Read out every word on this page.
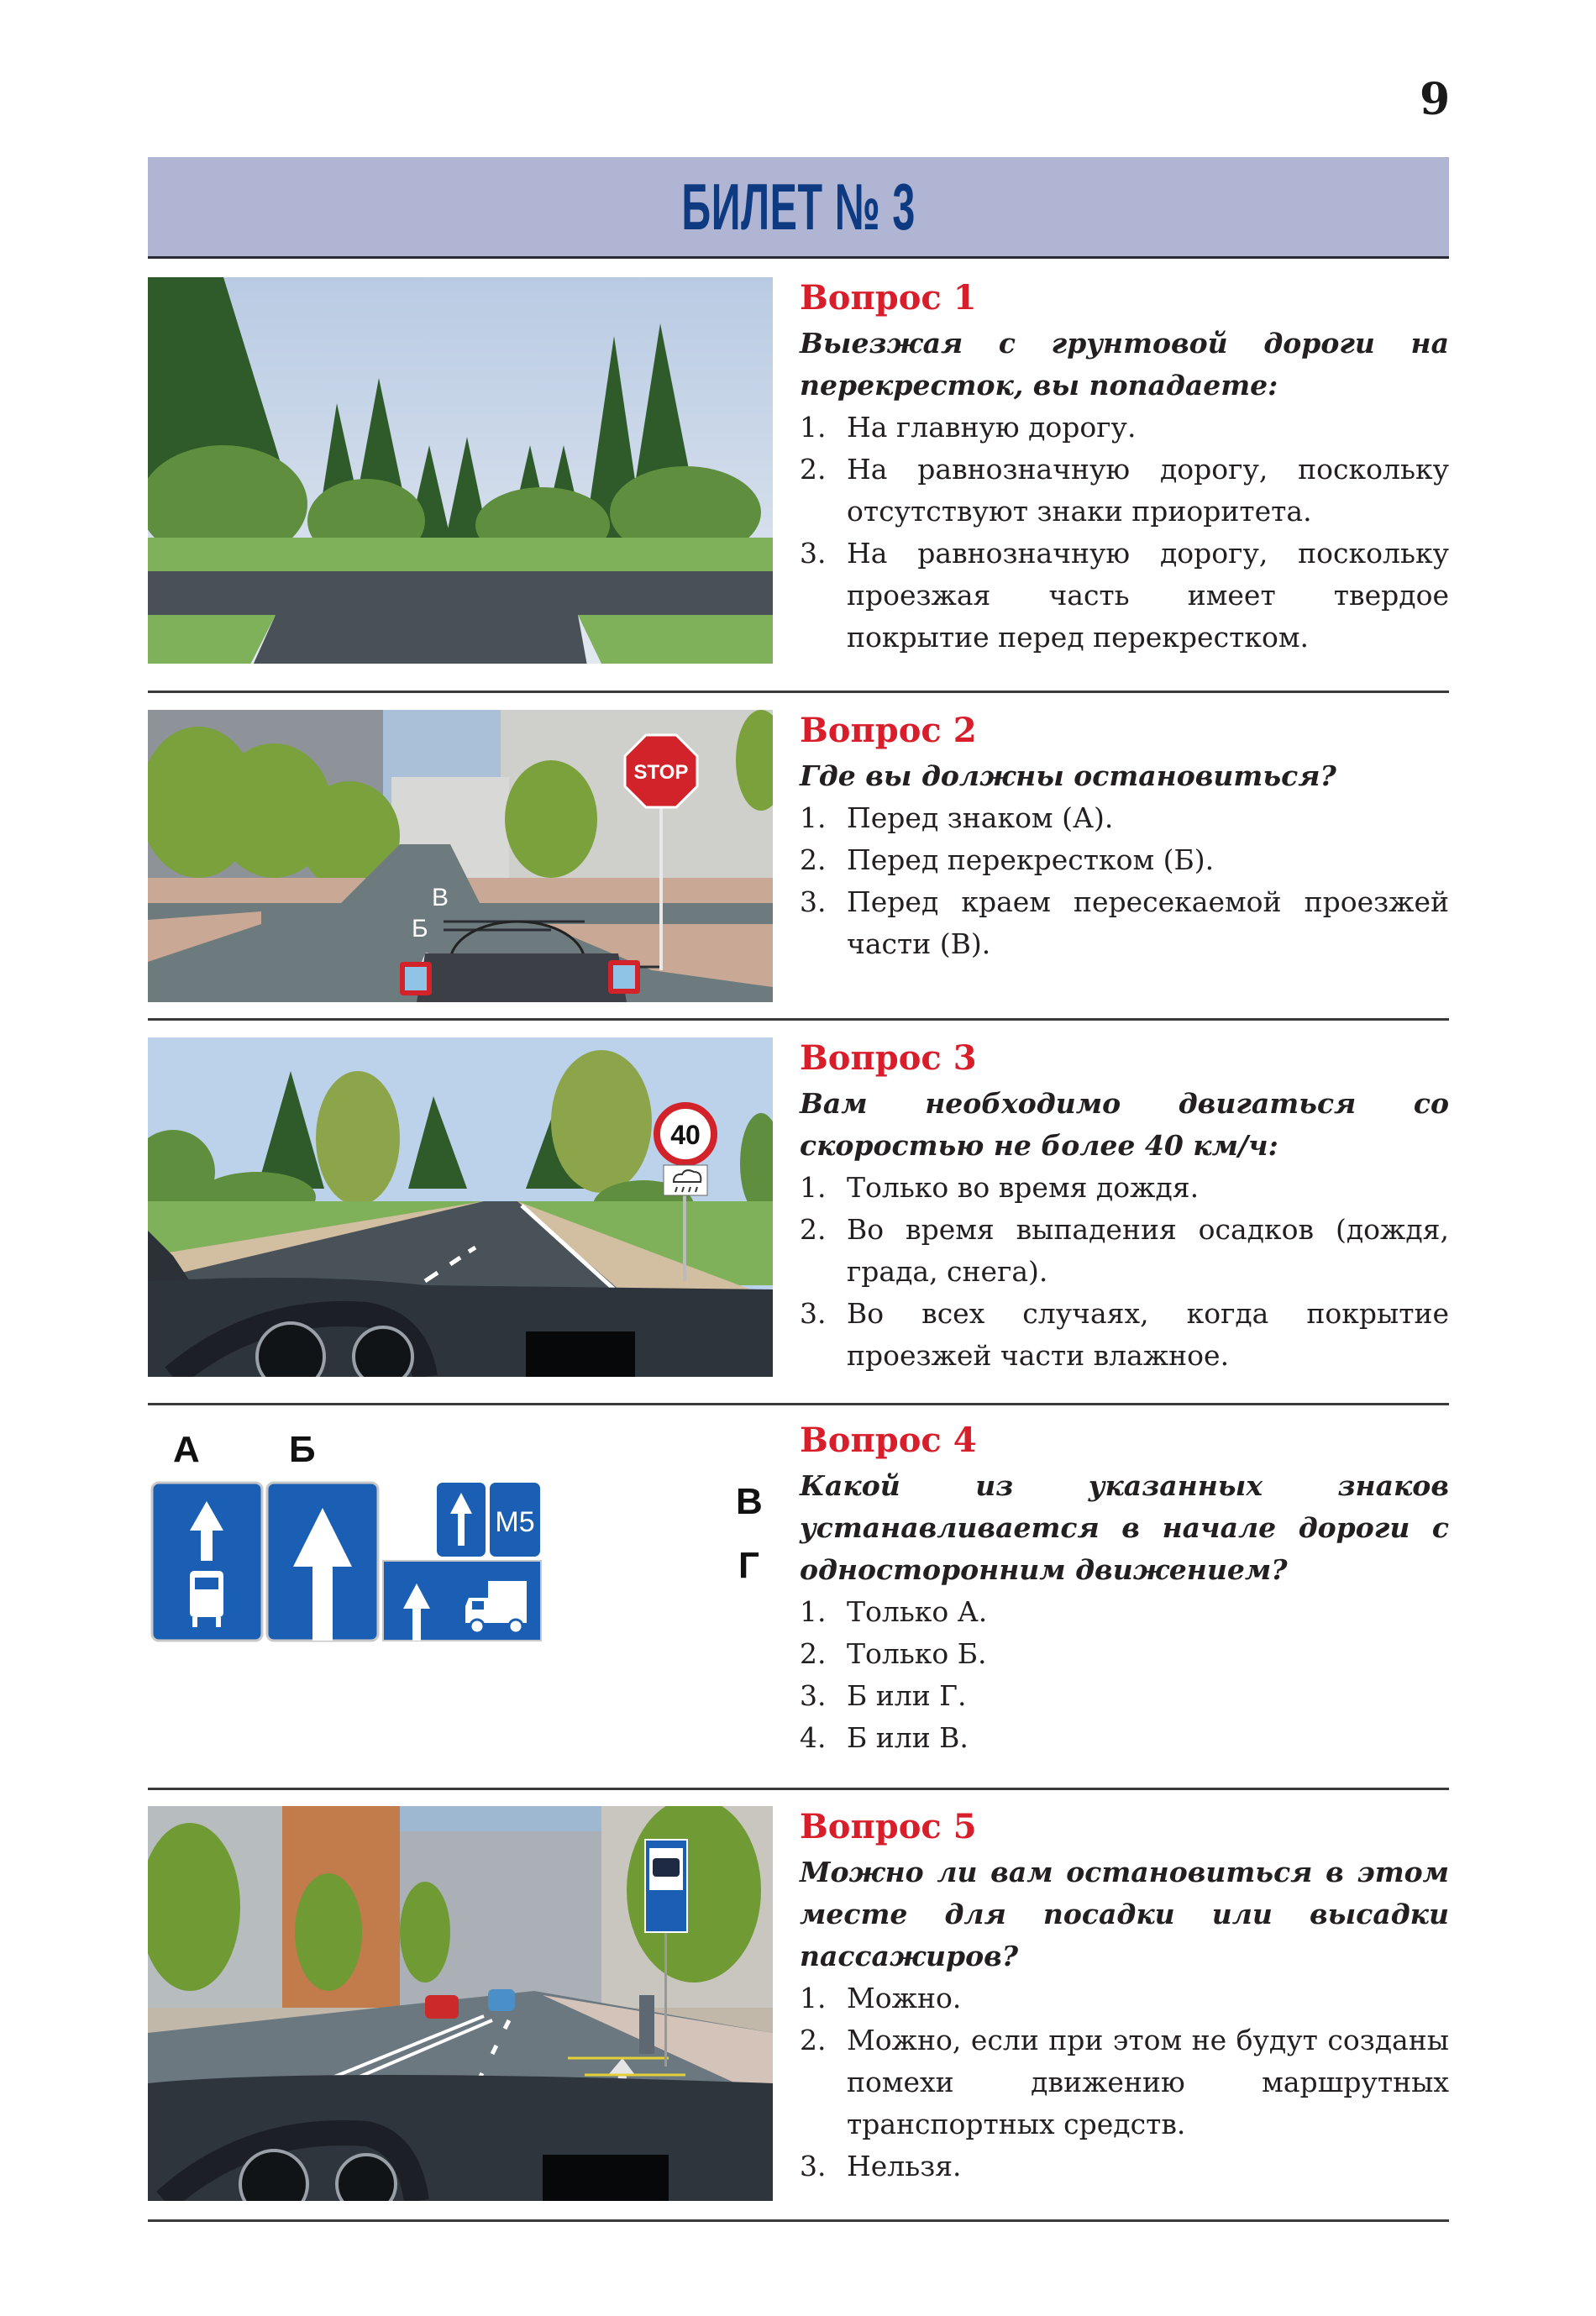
9
БИЛЕТ № 3
Вопрос 1

Выезжая с грунтовой дороги на перекресток, вы попадаете:

1. На главную дорогу.
2. На равнозначную дорогу, поскольку отсутствуют знаки приоритета.
3. На равнозначную дорогу, поскольку проезжая часть имеет твердое покрытие перед перекрестком.
В
Б
STOP
Вопрос 2

Где вы должны остановиться?

1. Перед знаком (А).
2. Перед перекрестком (Б).
3. Перед краем пересекаемой проезжей части (В).
40
Вопрос 3

Вам необходимо двигаться со скоростью не более 40 км/ч:

1. Только во время дождя.
2. Во время выпадения осадков (дождя, града, снега).
3. Во всех случаях, когда покрытие проезжей части влажное.
А Б
В
Г
М5
Вопрос 4

Какой из указанных знаков устанавливается в начале дороги с односторонним движением?

1. Только А.
2. Только Б.
3. Б или Г.
4. Б или В.
Вопрос 5

Можно ли вам остановиться в этом месте для посадки или высадки пассажиров?

1. Можно.
2. Можно, если при этом не будут созданы помехи движению маршрутных транспортных средств.
3. Нельзя.
